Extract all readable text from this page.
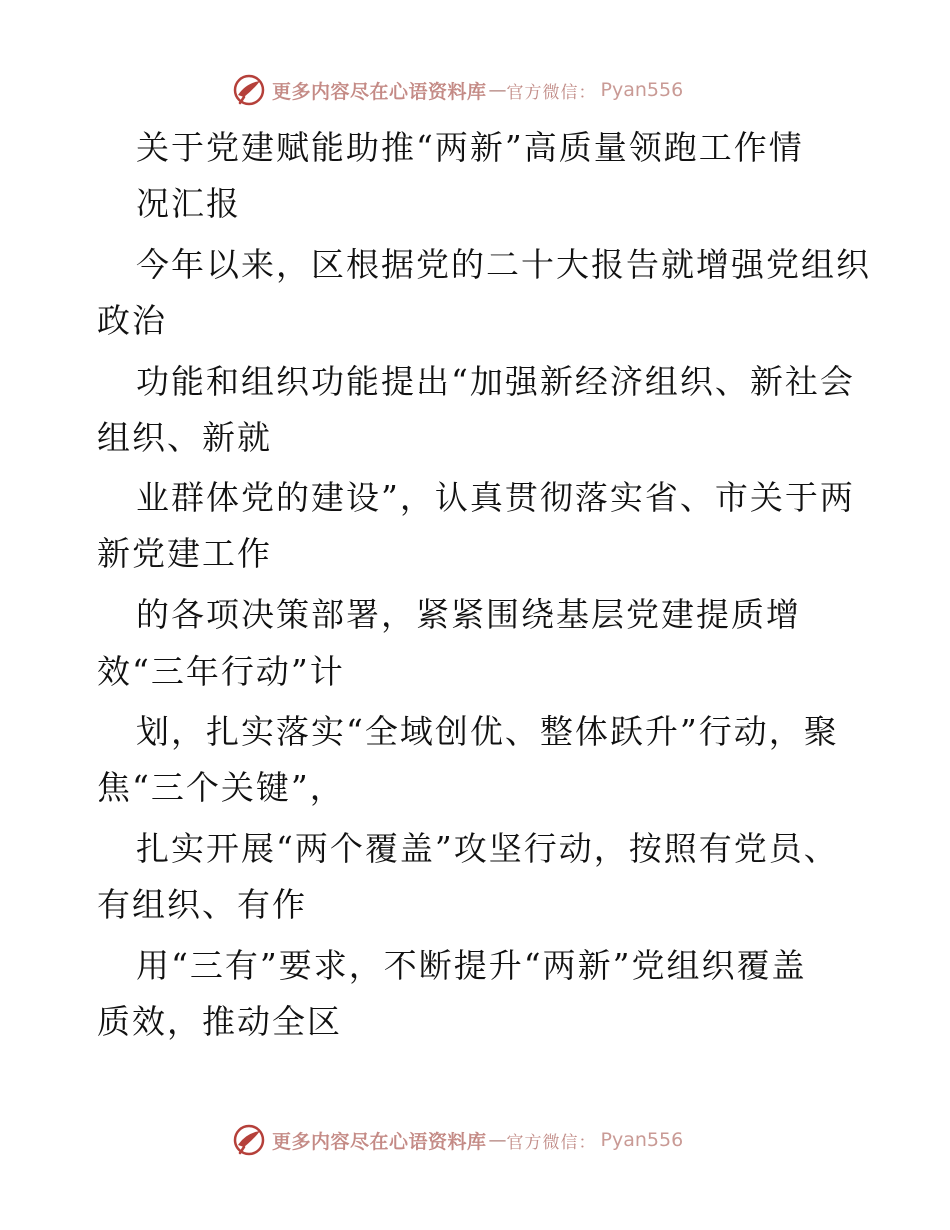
更多内容尽在心语资料库 — 官方微信： Pyan556
关于党建赋能助推“两新”高质量领跑工作情
况汇报
今年以来，区根据党的二十大报告就增强党组织
政治
功能和组织功能提出“加强新经济组织、新社会
组织、新就
业群体党的建设”，认真贯彻落实省、市关于两
新党建工作
的各项决策部署，紧紧围绕基层党建提质增
效“三年行动”计
划，扎实落实“全域创优、整体跃升”行动，聚
焦“三个关键”，
扎实开展“两个覆盖”攻坚行动，按照有党员、
有组织、有作
用“三有”要求，不断提升“两新”党组织覆盖
质效，推动全区
更多内容尽在心语资料库 — 官方微信： Pyan556
